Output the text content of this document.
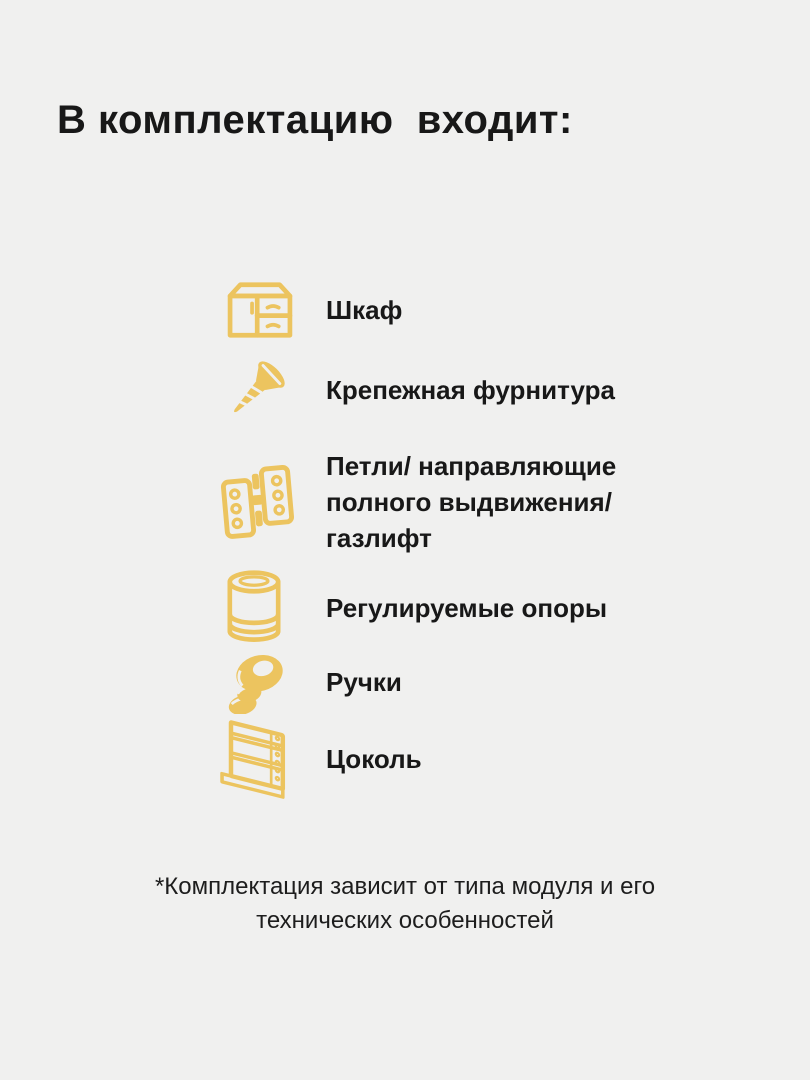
В комплектацию  входит:
Шкаф
Крепежная фурнитура
Петли/ направляющие полного выдвижения/ газлифт
Регулируемые опоры
Ручки
Цоколь
*Комплектация зависит от типа модуля и его технических особенностей
